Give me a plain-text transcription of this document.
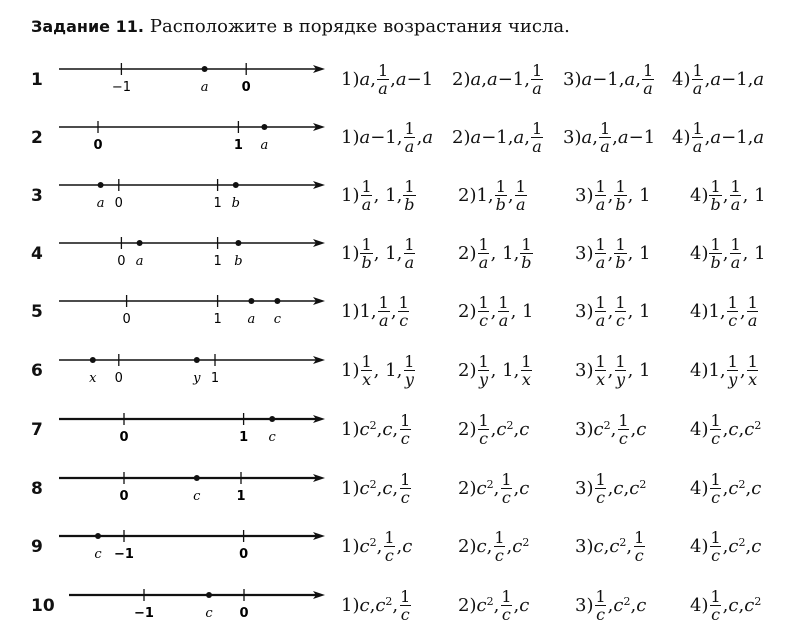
Задание 11. Расположите в порядке возрастания числа.
1	−1	a	0	1) a , $\frac{1}{a}$ , a −1 2) a , a −1, $\frac{1}{a} 3$) a −1, a , $\frac{1}{a} 4) \frac{1}{a}$ , a −1, a
2	0	1 a	1) a −1, $\frac{1}{a}$ , a 2) a −1, a , $\frac{1}{a} 3$) a , $\frac{1}{a}$ , a −1 $4) \frac{1}{a}$ , a −1, a
3	a 0	1 b	$1) \frac{1}{a}$ , 1, $\frac{1}{b} 2)1$, $\frac{1}{b}$ , $\frac{1}{a}$	$3) \frac{1}{a}$ , $\frac{1}{b}$ , 1 $4) \frac{1}{b}$ , $\frac{1}{a}$ , 1
4	0 a	1 b	$1) \frac{1}{b}$ , 1, $\frac{1}{a} 2) \frac{1}{a}$ , 1, $\frac{1}{b} 3) \frac{1}{a}$ , $\frac{1}{b}$ , 1 $4) \frac{1}{b}$ , $\frac{1}{a}$ , 1
5	0	1 a c	1)1, $\frac{1}{a}$ , $\frac{1}{c}$	$2) \frac{1}{c}$ , $\frac{1}{a}$ , 1 $3) \frac{1}{a}$ , $\frac{1}{c}$ , 1 4)1, $\frac{1}{c}$ , $\frac{1}{a}$
6	x 0	y 1	$1) \frac{1}{x}$ , 1, $\frac{1}{y} 2) \frac{1}{y}$ , 1, $\frac{1}{x} 3) \frac{1}{x}$ , $\frac{1}{y}$ , 1 4)1, $\frac{1}{y}$ , $\frac{1}{x}$
7	0	1 c	1) $c^2$ , c , $\frac{1}{c}$	$2) \frac{1}{c}$ , $c^2$ , c	3) $c^2$ , $\frac{1}{c}$ , c $4) \frac{1}{c}$ , c , $c^2$
8	0	c	1	1) $c^2$ , c , $\frac{1}{c}$	2) $c^2$ , $\frac{1}{c}$ , c	$3) \frac{1}{c}$ , c , $c^2$ $4) \frac{1}{c}$ , $c^2$ , c
9	c −1	0	1) $c^2$ , $\frac{1}{c}$ , c	2) c , $\frac{1}{c}$ , $c^2$	3) c , $c^2$ , $\frac{1}{c} 4) \frac{1}{c}$ , $c^2$ , c
10	−1	c 0	1) c , $c^2$ , $\frac{1}{c}$	2) $c^2$ , $\frac{1}{c}$ , c	$3) \frac{1}{c}$ , $c^2$ , c $4) \frac{1}{c}$ , c , $c^2$
